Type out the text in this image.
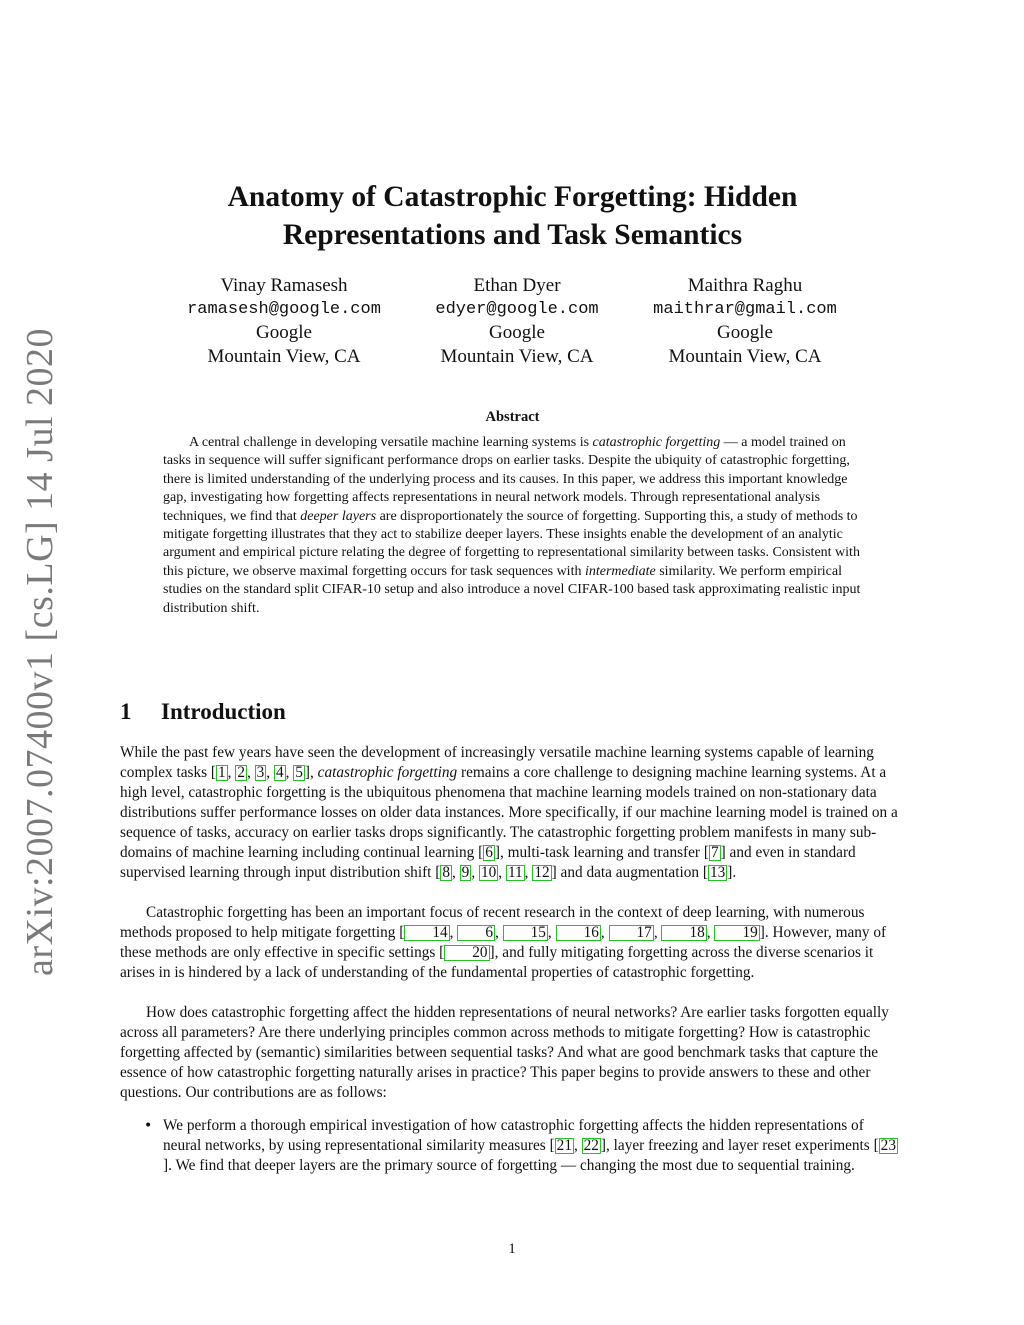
arXiv:2007.07400v1 [cs.LG] 14 Jul 2020
Anatomy of Catastrophic Forgetting: Hidden
Representations and Task Semantics
Vinay Ramasesh
ramasesh@google.com
Google
Mountain View, CA
Ethan Dyer
edyer@google.com
Google
Mountain View, CA
Maithra Raghu
maithrar@gmail.com
Google
Mountain View, CA
Abstract

A central challenge in developing versatile machine learning systems is catastrophic forgetting — a model trained on tasks in sequence will suffer significant performance drops on earlier tasks. Despite the ubiquity of catastrophic forgetting, there is limited understanding of the underlying process and its causes. In this paper, we address this important knowledge gap, investigating how forgetting affects representations in neural network models. Through representational analysis techniques, we find that deeper layers are disproportionately the source of forgetting. Supporting this, a study of methods to mitigate forgetting illustrates that they act to stabilize deeper layers. These insights enable the development of an analytic argument and empirical picture relating the degree of forgetting to representational similarity between tasks. Consistent with this picture, we observe maximal forgetting occurs for task sequences with intermediate similarity. We perform empirical studies on the standard split CIFAR-10 setup and also introduce a novel CIFAR-100 based task approximating realistic input distribution shift.

1 Introduction

While the past few years have seen the development of increasingly versatile machine learning systems capable of learning complex tasks [ 1 , 2 , 3 , 4 , 5 ], catastrophic forgetting remains a core challenge to designing machine learning systems. At a high level, catastrophic forgetting is the ubiquitous phenomena that machine learning models trained on non-stationary data distributions suffer performance losses on older data instances. More specifically, if our machine learning model is trained on a sequence of tasks, accuracy on earlier tasks drops significantly. The catastrophic forgetting problem manifests in many sub-domains of machine learning including continual learning [ 6 ], multi-task learning and transfer [ 7 ] and even in standard supervised learning through input distribution shift [ 8 , 9 , 10 , 11 , 12 ] and data augmentation [ 13 ].

Catastrophic forgetting has been an important focus of recent research in the context of deep learning, with numerous methods proposed to help mitigate forgetting [ 14 , 6 , 15 , 16 , 17 , 18 , 19 ]. However, many of these methods are only effective in specific settings [ 20 ], and fully mitigating forgetting across the diverse scenarios it arises in is hindered by a lack of understanding of the fundamental properties of catastrophic forgetting.

How does catastrophic forgetting affect the hidden representations of neural networks? Are earlier tasks forgotten equally across all parameters? Are there underlying principles common across methods to mitigate forgetting? How is catastrophic forgetting affected by (semantic) similarities between sequential tasks? And what are good benchmark tasks that capture the essence of how catastrophic forgetting naturally arises in practice? This paper begins to provide answers to these and other questions. Our contributions are as follows:

• We perform a thorough empirical investigation of how catastrophic forgetting affects the hidden representations of neural networks, by using representational similarity measures [ 21 , 22 ], layer freezing and layer reset experiments [ 23]. We find that deeper layers are the primary source of forgetting — changing the most due to sequential training.

1
